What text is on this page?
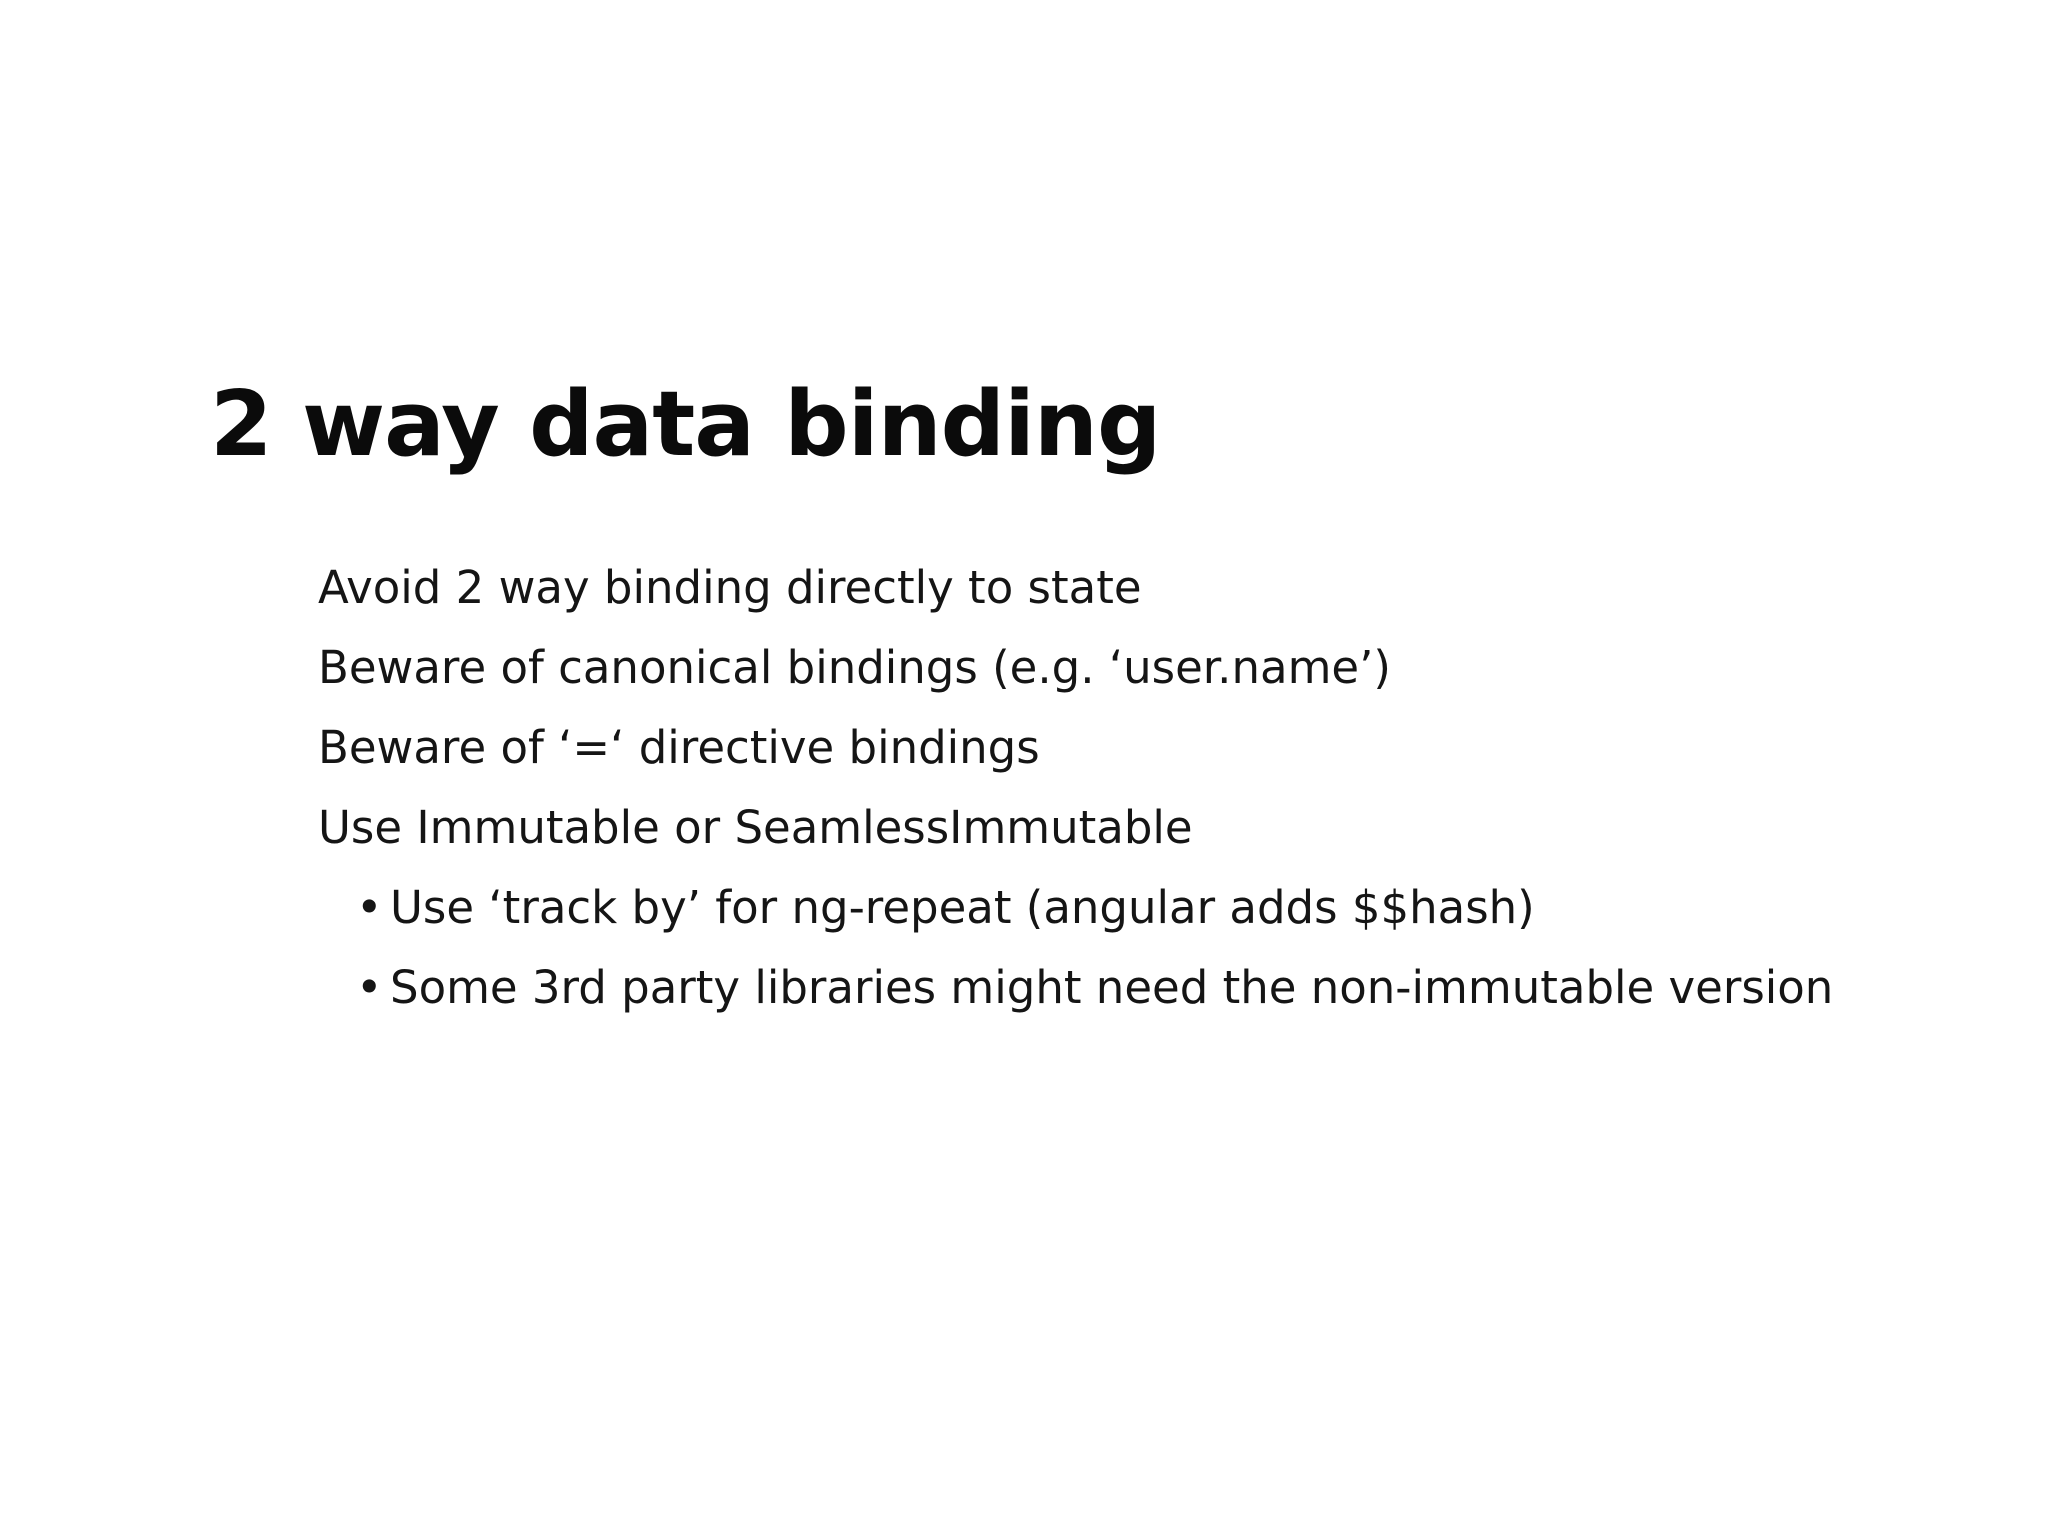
2 way data binding
Avoid 2 way binding directly to state
Beware of canonical bindings (e.g. ‘user.name’)
Beware of ‘=‘ directive bindings
Use Immutable or SeamlessImmutable
• Use ‘track by’ for ng-repeat (angular adds $$hash)
• Some 3rd party libraries might need the non-immutable version
